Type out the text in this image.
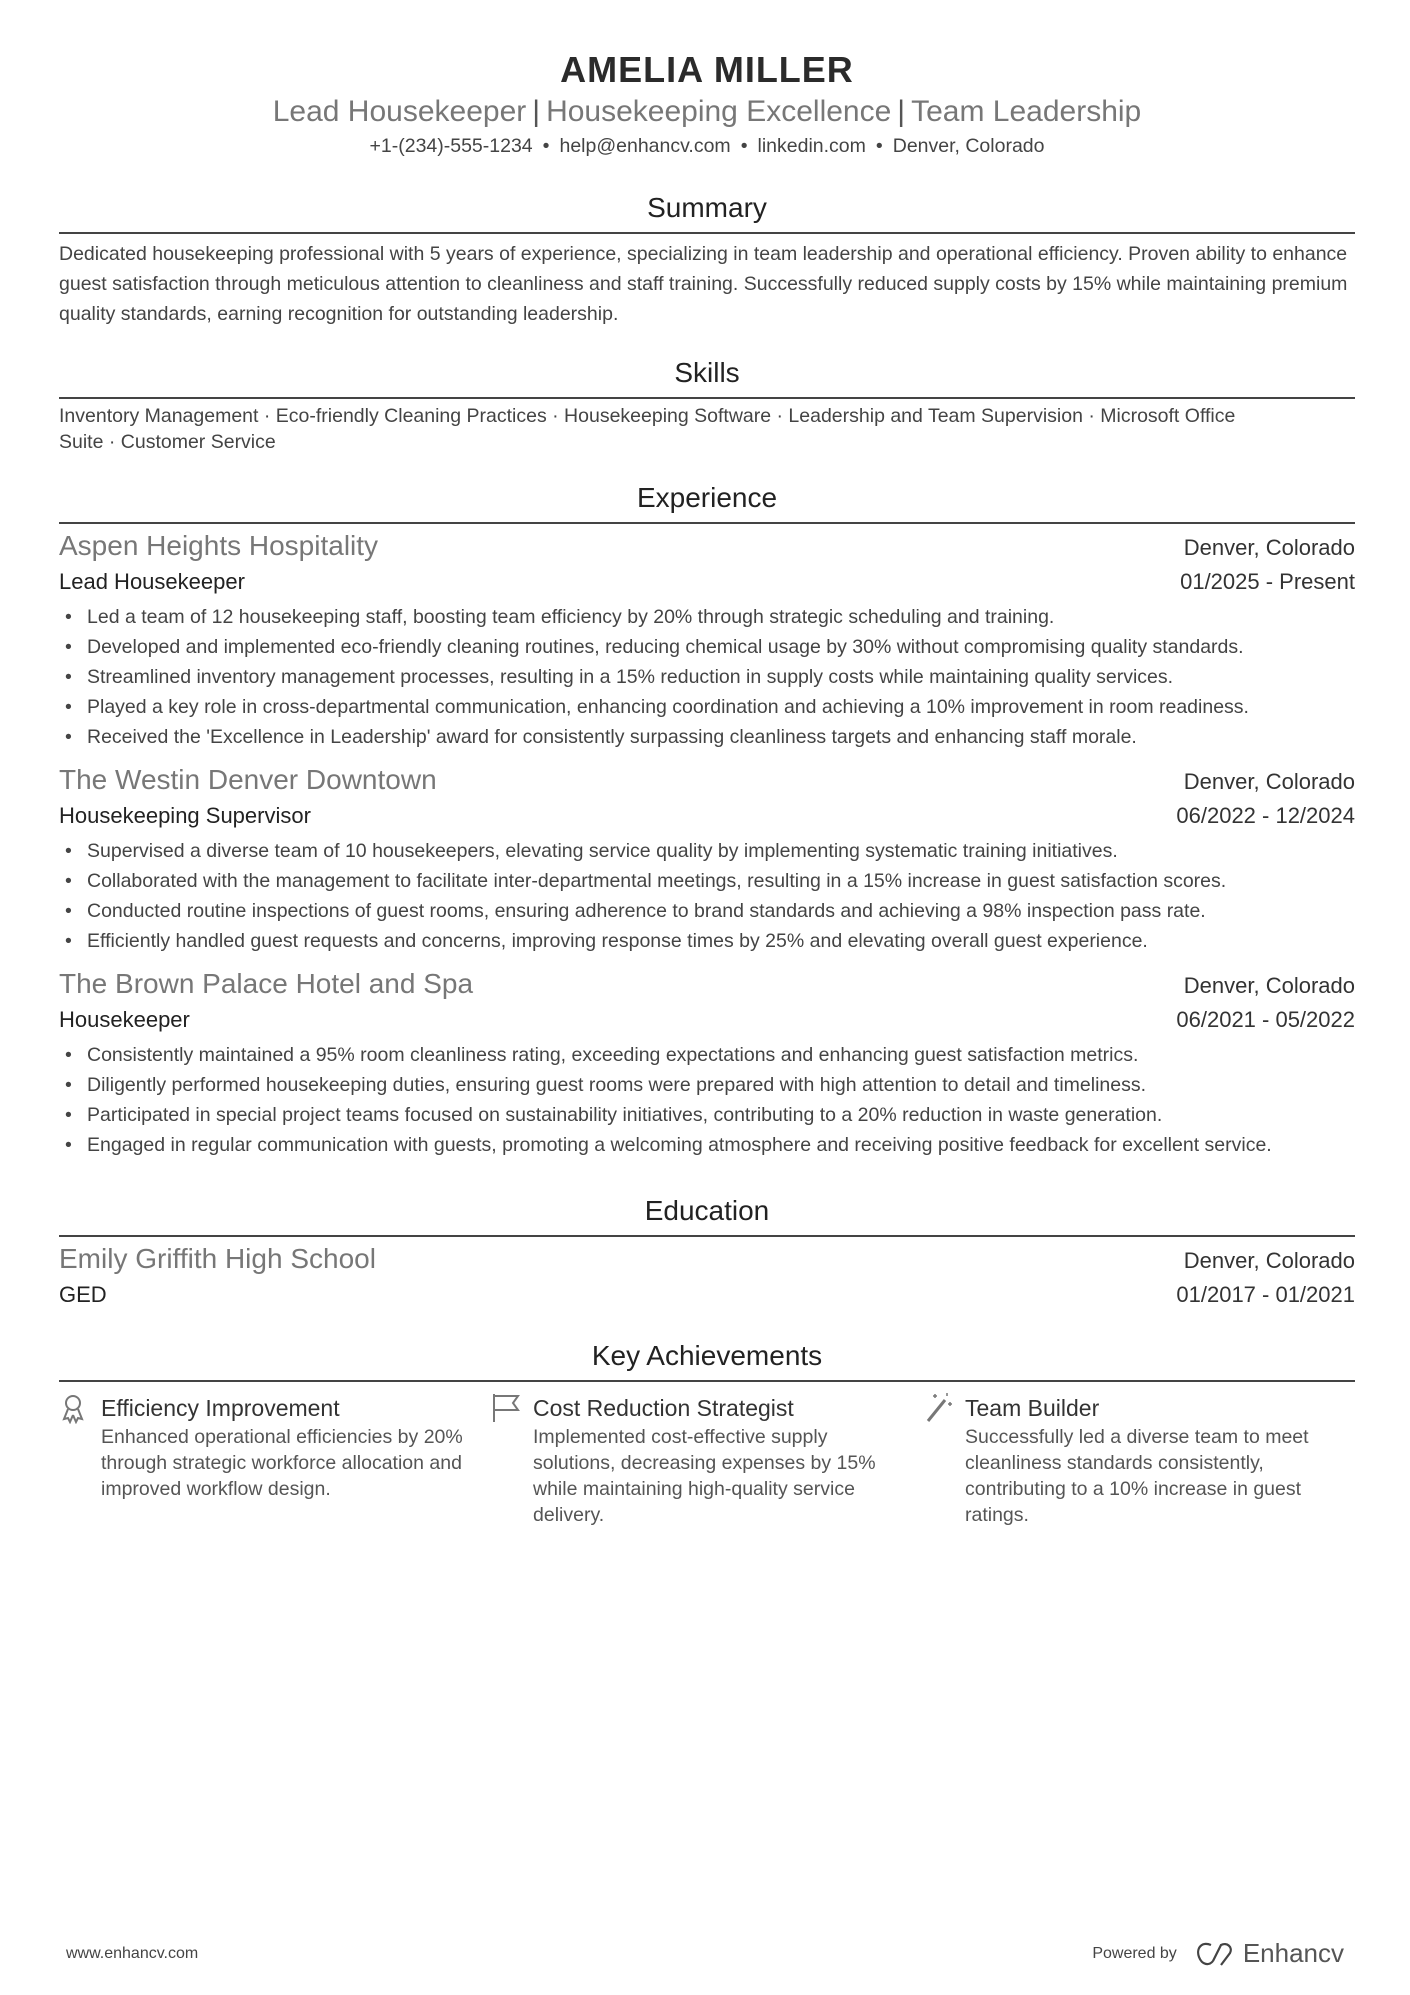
AMELIA MILLER
Lead Housekeeper | Housekeeping Excellence | Team Leadership
+1-(234)-555-1234 • help@enhancv.com • linkedin.com • Denver, Colorado
Summary
Dedicated housekeeping professional with 5 years of experience, specializing in team leadership and operational efficiency. Proven ability to enhance guest satisfaction through meticulous attention to cleanliness and staff training. Successfully reduced supply costs by 15% while maintaining premium quality standards, earning recognition for outstanding leadership.
Skills
Inventory Management · Eco-friendly Cleaning Practices · Housekeeping Software · Leadership and Team Supervision · Microsoft Office Suite · Customer Service
Experience
Aspen Heights Hospitality	Denver, Colorado
Lead Housekeeper	01/2025 - Present
• Led a team of 12 housekeeping staff, boosting team efficiency by 20% through strategic scheduling and training.
• Developed and implemented eco-friendly cleaning routines, reducing chemical usage by 30% without compromising quality standards.
• Streamlined inventory management processes, resulting in a 15% reduction in supply costs while maintaining quality services.
• Played a key role in cross-departmental communication, enhancing coordination and achieving a 10% improvement in room readiness.
• Received the 'Excellence in Leadership' award for consistently surpassing cleanliness targets and enhancing staff morale.
The Westin Denver Downtown	Denver, Colorado
Housekeeping Supervisor	06/2022 - 12/2024
• Supervised a diverse team of 10 housekeepers, elevating service quality by implementing systematic training initiatives.
• Collaborated with the management to facilitate inter-departmental meetings, resulting in a 15% increase in guest satisfaction scores.
• Conducted routine inspections of guest rooms, ensuring adherence to brand standards and achieving a 98% inspection pass rate.
• Efficiently handled guest requests and concerns, improving response times by 25% and elevating overall guest experience.
The Brown Palace Hotel and Spa	Denver, Colorado
Housekeeper	06/2021 - 05/2022
• Consistently maintained a 95% room cleanliness rating, exceeding expectations and enhancing guest satisfaction metrics.
• Diligently performed housekeeping duties, ensuring guest rooms were prepared with high attention to detail and timeliness.
• Participated in special project teams focused on sustainability initiatives, contributing to a 20% reduction in waste generation.
• Engaged in regular communication with guests, promoting a welcoming atmosphere and receiving positive feedback for excellent service.
Education
Emily Griffith High School	Denver, Colorado
GED	01/2017 - 01/2021
Key Achievements
Efficiency Improvement
Enhanced operational efficiencies by 20% through strategic workforce allocation and improved workflow design.
Cost Reduction Strategist
Implemented cost-effective supply solutions, decreasing expenses by 15% while maintaining high-quality service delivery.
Team Builder
Successfully led a diverse team to meet cleanliness standards consistently, contributing to a 10% increase in guest ratings.
www.enhancv.com	Powered by	Enhancv
